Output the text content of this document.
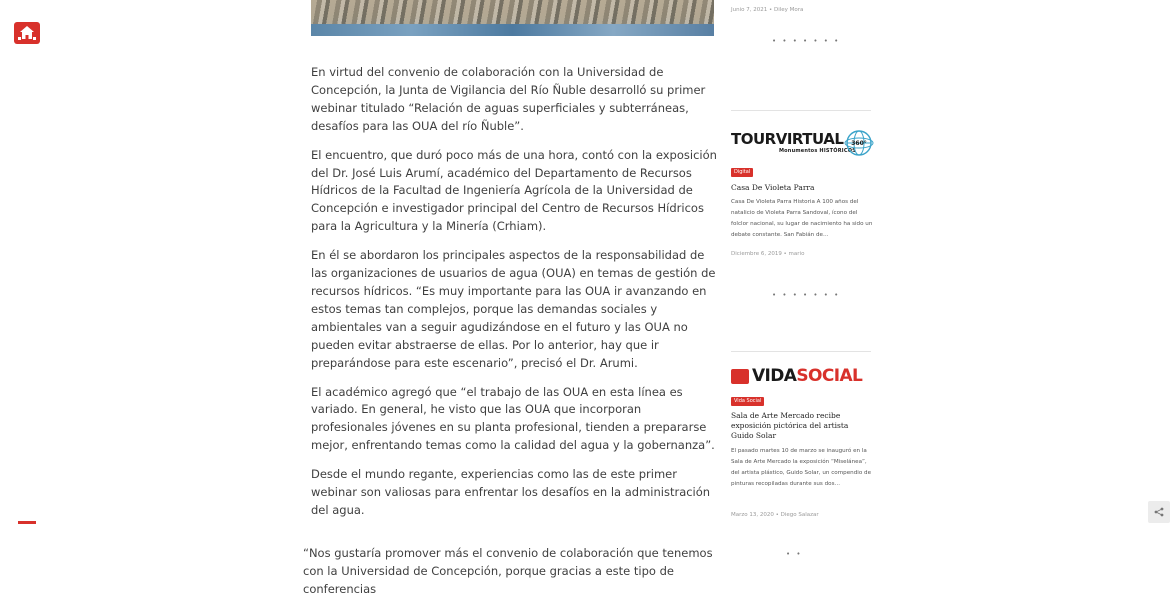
En virtud del convenio de colaboración con la Universidad de Concepción, la Junta de Vigilancia del Río Ñuble desarrolló su primer webinar titulado “Relación de aguas superficiales y subterráneas, desafíos para las OUA del río Ñuble”.

El encuentro, que duró poco más de una hora, contó con la exposición del Dr. José Luis Arumí, académico del Departamento de Recursos Hídricos de la Facultad de Ingeniería Agrícola de la Universidad de Concepción e investigador principal del Centro de Recursos Hídricos para la Agricultura y la Minería (Crhiam).

En él se abordaron los principales aspectos de la responsabilidad de las organizaciones de usuarios de agua (OUA) en temas de gestión de recursos hídricos. “Es muy importante para las OUA ir avanzando en estos temas tan complejos, porque las demandas sociales y ambientales van a seguir agudizándose en el futuro y las OUA no pueden evitar abstraerse de ellas. Por lo anterior, hay que ir preparándose para este escenario”, precisó el Dr. Arumi.

El académico agregó que “el trabajo de las OUA en esta línea es variado. En general, he visto que las OUA que incorporan profesionales jóvenes en su planta profesional, tienden a prepararse mejor, enfrentando temas como la calidad del agua y la gobernanza”.

Desde el mundo regante, experiencias como las de este primer webinar son valiosas para enfrentar los desafíos en la administración del agua.

“Nos gustaría promover más el convenio de colaboración que tenemos con la Universidad de Concepción, porque gracias a este tipo de conferencias

Junio 7, 2021 • Diley Mora
• • • • • • •
TOURVIRTUAL
Monumentos HISTÓRICOS
360°
Digital
Casa De Violeta Parra
Casa De Violeta Parra Historia A 100 años del natalicio de Violeta Parra Sandoval, ícono del folclor nacional, su lugar de nacimiento ha sido un debate constante. San Fabián de…
Diciembre 6, 2019 • mario
• • • • • • •
VIDASOCIAL
Vida Social
Sala de Arte Mercado recibe exposición pictórica del artista Guido Solar
El pasado martes 10 de marzo se inauguró en la Sala de Arte Mercado la exposición “Miselánea”, del artista plástico, Guido Solar, un compendio de pinturas recopiladas durante sus dos…
Marzo 13, 2020 • Diego Salazar
• •
